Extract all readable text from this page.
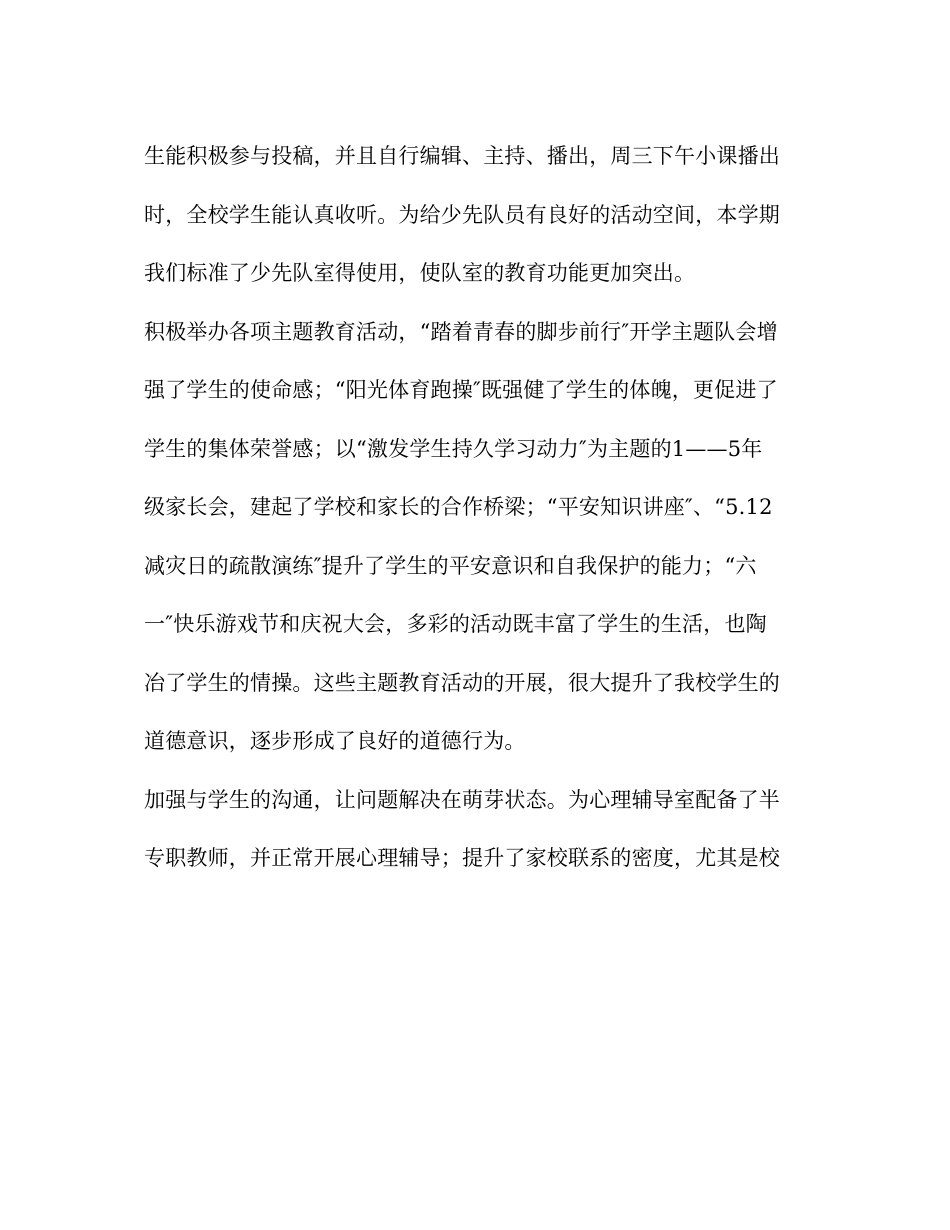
生能积极参与投稿，并且自行编辑、主持、播出，周三下午小课播出
时，全校学生能认真收听。为给少先队员有良好的活动空间，本学期
我们标准了少先队室得使用，使队室的教育功能更加突出。
积极举办各项主题教育活动，“踏着青春的脚步前行″开学主题队会增
强了学生的使命感；“阳光体育跑操″既强健了学生的体魄，更促进了
学生的集体荣誉感；以“激发学生持久学习动力″为主题的1——5年
级家长会，建起了学校和家长的合作桥梁；“平安知识讲座″、“5.12
减灾日的疏散演练″提升了学生的平安意识和自我保护的能力；“六
一″快乐游戏节和庆祝大会，多彩的活动既丰富了学生的生活，也陶
冶了学生的情操。这些主题教育活动的开展，很大提升了我校学生的
道德意识，逐步形成了良好的道德行为。
加强与学生的沟通，让问题解决在萌芽状态。为心理辅导室配备了半
专职教师，并正常开展心理辅导；提升了家校联系的密度，尤其是校
